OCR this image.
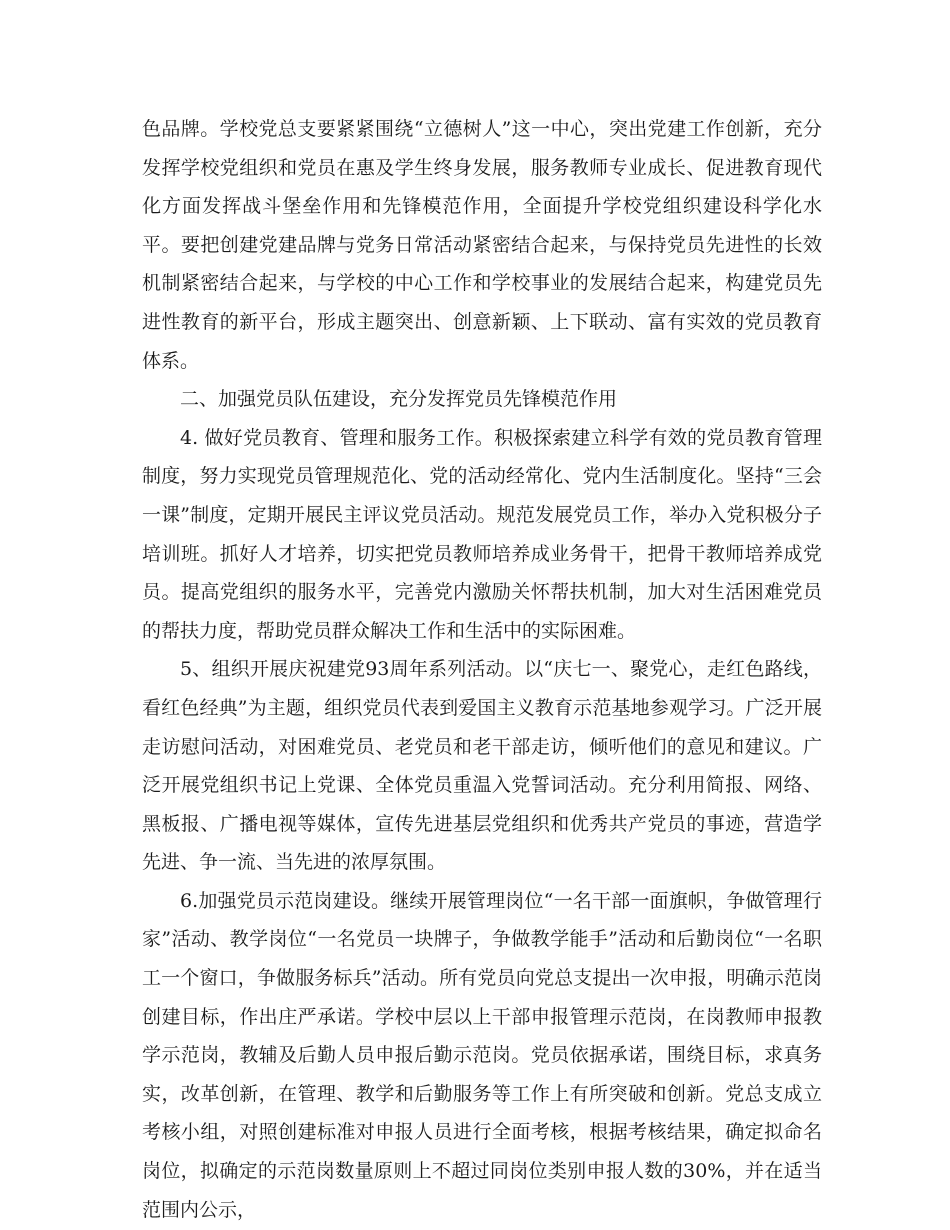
色品牌。学校党总支要紧紧围绕“立德树人”这一中心，突出党建工作创新，充分发挥学校党组织和党员在惠及学生终身发展，服务教师专业成长、促进教育现代化方面发挥战斗堡垒作用和先锋模范作用，全面提升学校党组织建设科学化水平。要把创建党建品牌与党务日常活动紧密结合起来，与保持党员先进性的长效机制紧密结合起来，与学校的中心工作和学校事业的发展结合起来，构建党员先进性教育的新平台，形成主题突出、创意新颖、上下联动、富有实效的党员教育体系。

二、加强党员队伍建设，充分发挥党员先锋模范作用

4. 做好党员教育、管理和服务工作。积极探索建立科学有效的党员教育管理制度，努力实现党员管理规范化、党的活动经常化、党内生活制度化。坚持“三会一课”制度，定期开展民主评议党员活动。规范发展党员工作，举办入党积极分子培训班。抓好人才培养，切实把党员教师培养成业务骨干，把骨干教师培养成党员。提高党组织的服务水平，完善党内激励关怀帮扶机制，加大对生活困难党员的帮扶力度，帮助党员群众解决工作和生活中的实际困难。

5、组织开展庆祝建党93周年系列活动。以“庆七一、聚党心，走红色路线，看红色经典”为主题，组织党员代表到爱国主义教育示范基地参观学习。广泛开展走访慰问活动，对困难党员、老党员和老干部走访，倾听他们的意见和建议。广泛开展党组织书记上党课、全体党员重温入党誓词活动。充分利用简报、网络、黑板报、广播电视等媒体，宣传先进基层党组织和优秀共产党员的事迹，营造学先进、争一流、当先进的浓厚氛围。

6.加强党员示范岗建设。继续开展管理岗位“一名干部一面旗帜，争做管理行家”活动、教学岗位“一名党员一块牌子，争做教学能手”活动和后勤岗位“一名职工一个窗口，争做服务标兵”活动。所有党员向党总支提出一次申报，明确示范岗创建目标，作出庄严承诺。学校中层以上干部申报管理示范岗，在岗教师申报教学示范岗，教辅及后勤人员申报后勤示范岗。党员依据承诺，围绕目标，求真务实，改革创新，在管理、教学和后勤服务等工作上有所突破和创新。党总支成立考核小组，对照创建标准对申报人员进行全面考核，根据考核结果，确定拟命名岗位，拟确定的示范岗数量原则上不超过同岗位类别申报人数的30%，并在适当范围内公示，
